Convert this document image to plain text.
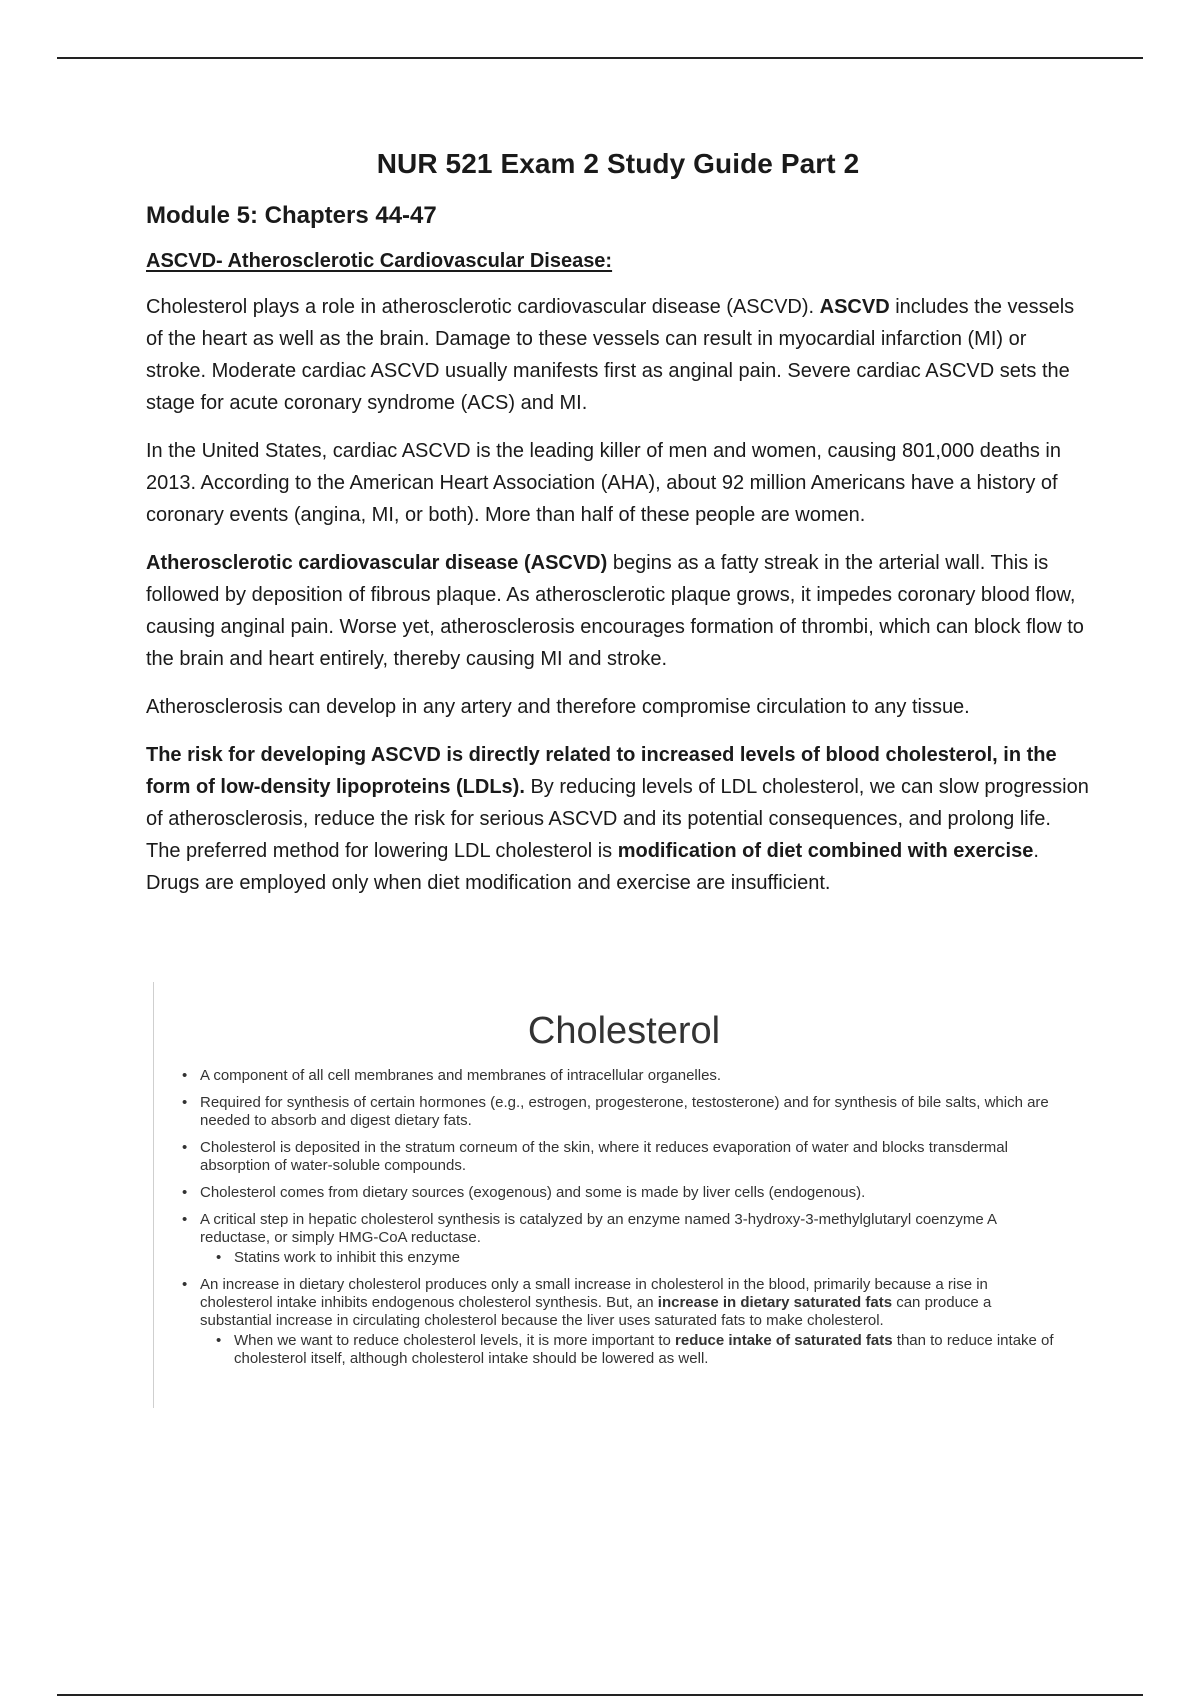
NUR 521 Exam 2 Study Guide Part 2
Module 5: Chapters 44-47
ASCVD- Atherosclerotic Cardiovascular Disease:

Cholesterol plays a role in atherosclerotic cardiovascular disease (ASCVD). ASCVD includes the vessels of the heart as well as the brain. Damage to these vessels can result in myocardial infarction (MI) or stroke. Moderate cardiac ASCVD usually manifests first as anginal pain. Severe cardiac ASCVD sets the stage for acute coronary syndrome (ACS) and MI.

In the United States, cardiac ASCVD is the leading killer of men and women, causing 801,000 deaths in 2013. According to the American Heart Association (AHA), about 92 million Americans have a history of coronary events (angina, MI, or both). More than half of these people are women.

Atherosclerotic cardiovascular disease (ASCVD) begins as a fatty streak in the arterial wall. This is followed by deposition of fibrous plaque. As atherosclerotic plaque grows, it impedes coronary blood flow, causing anginal pain. Worse yet, atherosclerosis encourages formation of thrombi, which can block flow to the brain and heart entirely, thereby causing MI and stroke.

Atherosclerosis can develop in any artery and therefore compromise circulation to any tissue.

The risk for developing ASCVD is directly related to increased levels of blood cholesterol, in the form of low-density lipoproteins (LDLs). By reducing levels of LDL cholesterol, we can slow progression of atherosclerosis, reduce the risk for serious ASCVD and its potential consequences, and prolong life. The preferred method for lowering LDL cholesterol is modification of diet combined with exercise. Drugs are employed only when diet modification and exercise are insufficient.

Cholesterol
• A component of all cell membranes and membranes of intracellular organelles.
• Required for synthesis of certain hormones (e.g., estrogen, progesterone, testosterone) and for synthesis of bile salts, which are needed to absorb and digest dietary fats.
• Cholesterol is deposited in the stratum corneum of the skin, where it reduces evaporation of water and blocks transdermal absorption of water-soluble compounds.
• Cholesterol comes from dietary sources (exogenous) and some is made by liver cells (endogenous).
• A critical step in hepatic cholesterol synthesis is catalyzed by an enzyme named 3-hydroxy-3-methylglutaryl coenzyme A reductase, or simply HMG-CoA reductase.
• Statins work to inhibit this enzyme
• An increase in dietary cholesterol produces only a small increase in cholesterol in the blood, primarily because a rise in cholesterol intake inhibits endogenous cholesterol synthesis. But, an increase in dietary saturated fats can produce a substantial increase in circulating cholesterol because the liver uses saturated fats to make cholesterol.
• When we want to reduce cholesterol levels, it is more important to reduce intake of saturated fats than to reduce intake of cholesterol itself, although cholesterol intake should be lowered as well.
